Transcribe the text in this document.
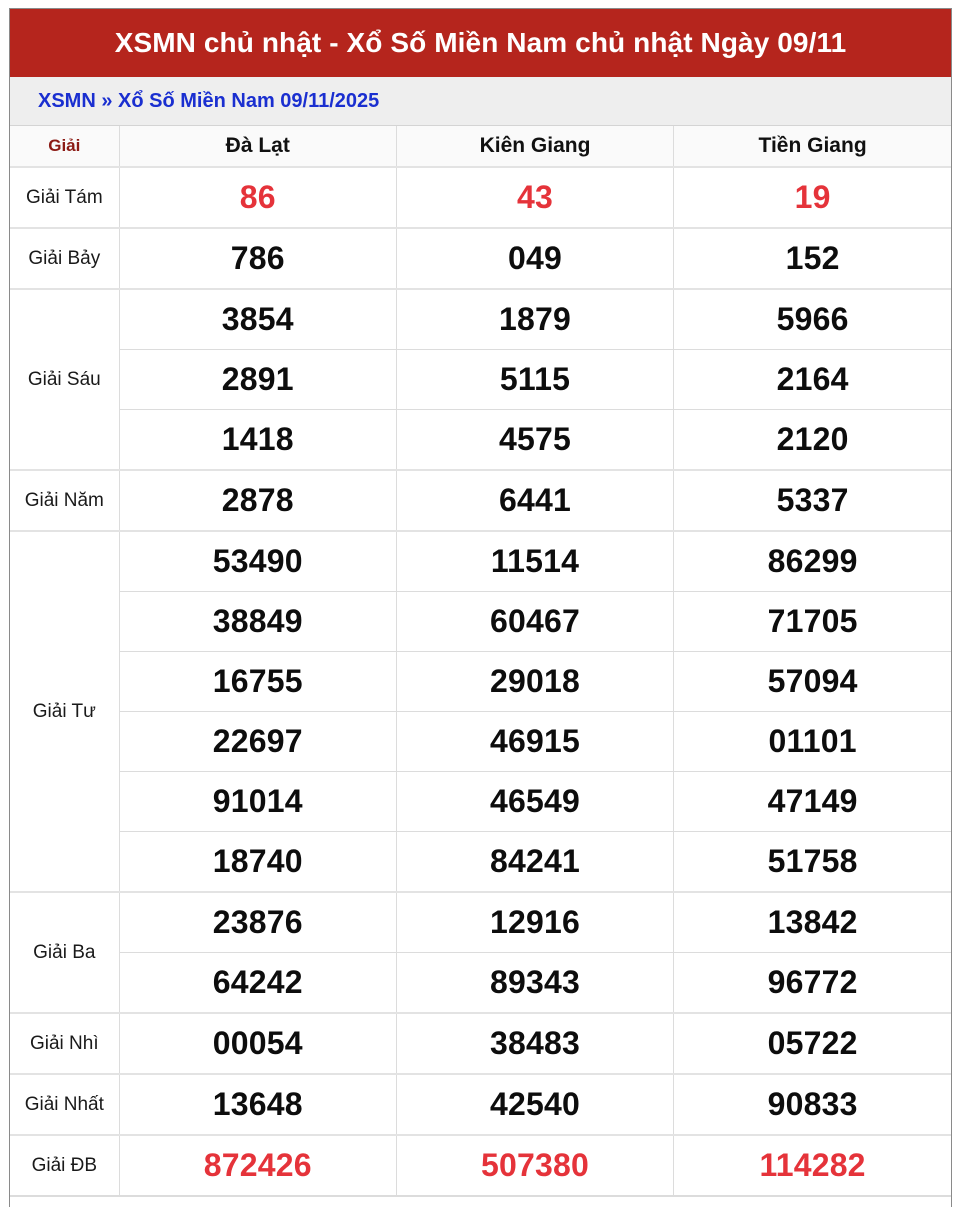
XSMN chủ nhật - Xổ Số Miền Nam chủ nhật Ngày 09/11
XSMN » Xổ Số Miền Nam 09/11/2025
Giải	Đà Lạt	Kiên Giang	Tiền Giang
Giải Tám	86	43	19
Giải Bảy	786	049	152
Giải Sáu	3854	1879	5966
	2891	5115	2164
	1418	4575	2120
Giải Năm	2878	6441	5337
Giải Tư	53490	11514	86299
	38849	60467	71705
	16755	29018	57094
	22697	46915	01101
	91014	46549	47149
	18740	84241	51758
Giải Ba	23876	12916	13842
	64242	89343	96772
Giải Nhì	00054	38483	05722
Giải Nhất	13648	42540	90833
Giải ĐB	872426	507380	114282
